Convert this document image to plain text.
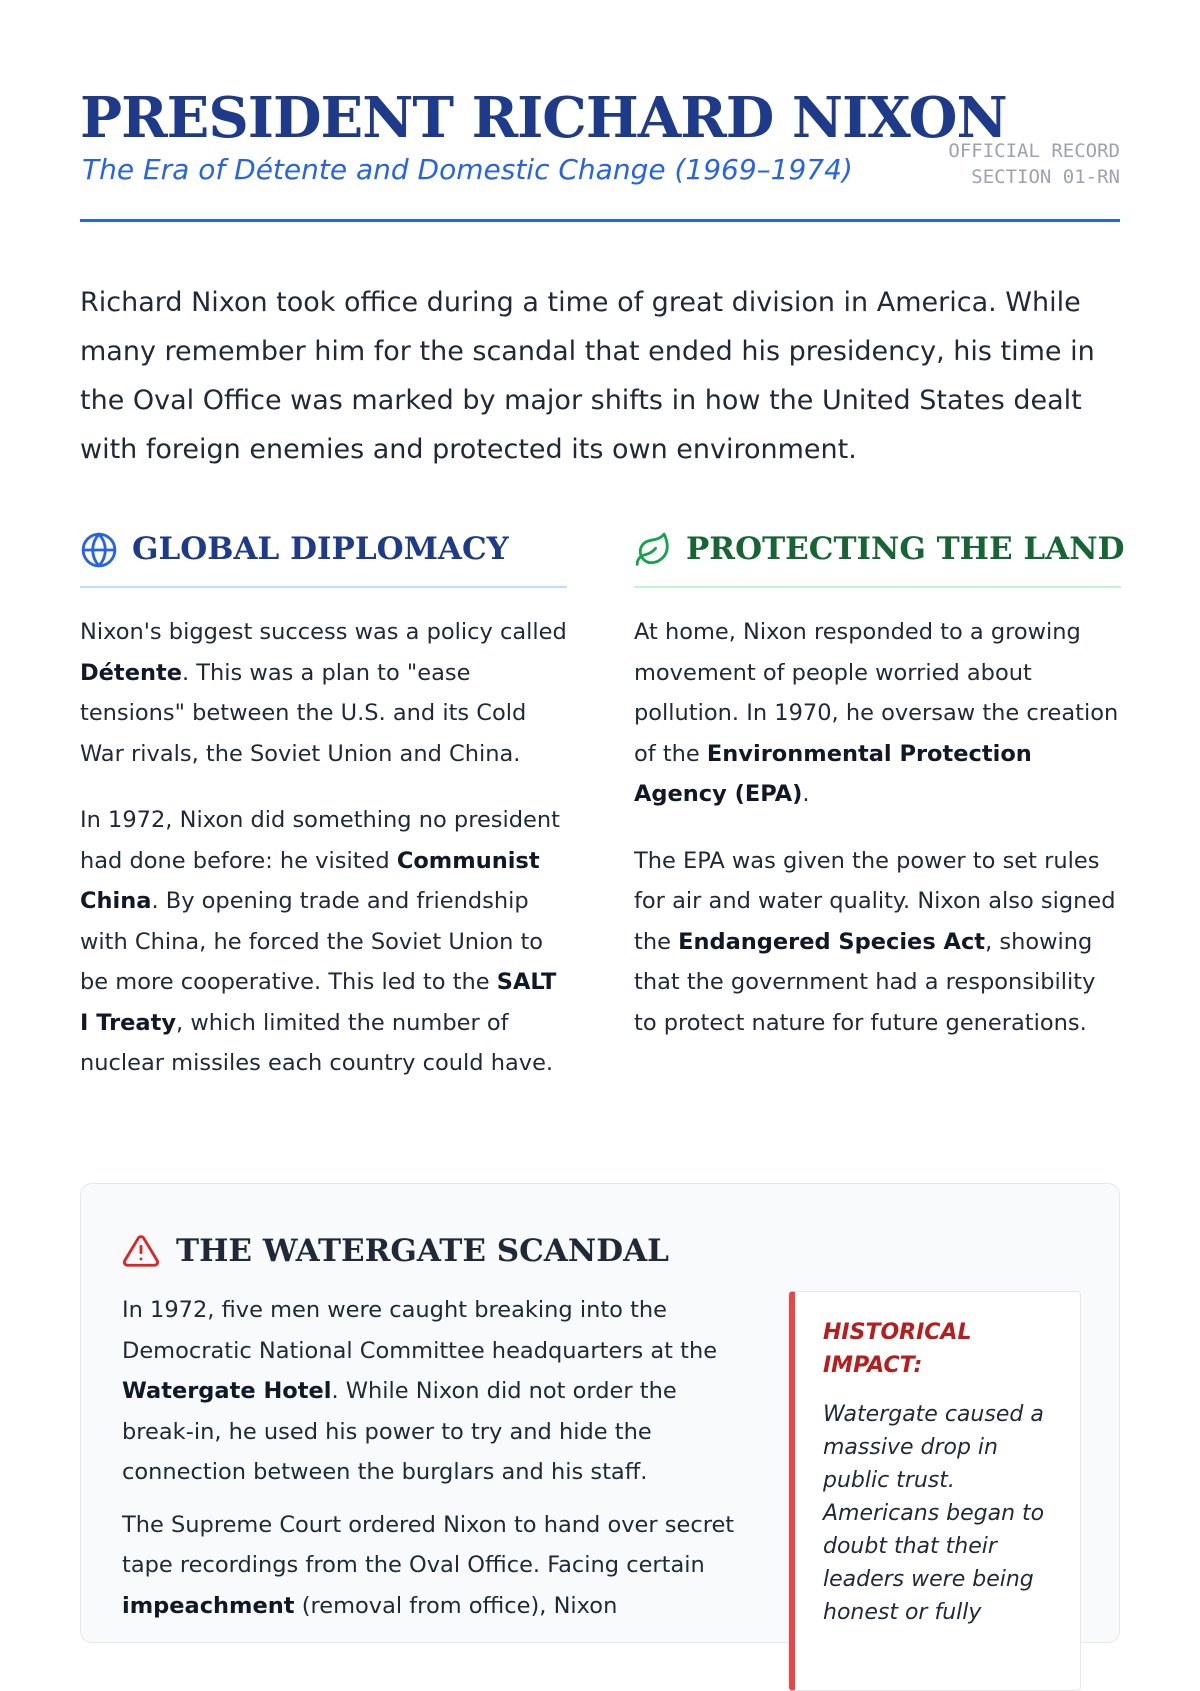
PRESIDENT RICHARD NIXON
The Era of Détente and Domestic Change (1969–1974)
OFFICIAL RECORD
SECTION 01-RN

Richard Nixon took office during a time of great division in America. While many remember him for the scandal that ended his presidency, his time in the Oval Office was marked by major shifts in how the United States dealt with foreign enemies and protected its own environment.

GLOBAL DIPLOMACY

Nixon's biggest success was a policy called Détente. This was a plan to "ease tensions" between the U.S. and its Cold War rivals, the Soviet Union and China.

In 1972, Nixon did something no president had done before: he visited Communist China. By opening trade and friendship with China, he forced the Soviet Union to be more cooperative. This led to the SALT I Treaty, which limited the number of nuclear missiles each country could have.

PROTECTING THE LAND

At home, Nixon responded to a growing movement of people worried about pollution. In 1970, he oversaw the creation of the Environmental Protection Agency (EPA).

The EPA was given the power to set rules for air and water quality. Nixon also signed the Endangered Species Act, showing that the government had a responsibility to protect nature for future generations.

THE WATERGATE SCANDAL

In 1972, five men were caught breaking into the Democratic National Committee headquarters at the Watergate Hotel. While Nixon did not order the break-in, he used his power to try and hide the connection between the burglars and his staff.

The Supreme Court ordered Nixon to hand over secret tape recordings from the Oval Office. Facing certain impeachment (removal from office), Nixon

HISTORICAL IMPACT:
Watergate caused a massive drop in public trust. Americans began to doubt that their leaders were being honest or fully
